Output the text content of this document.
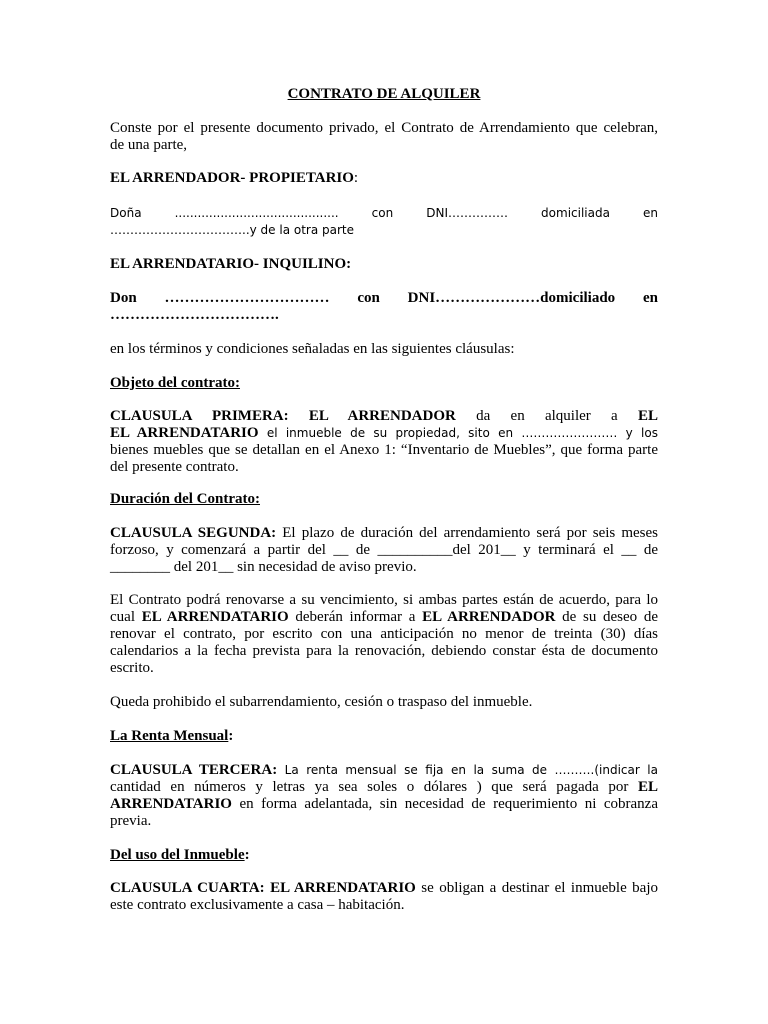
CONTRATO DE ALQUILER
Conste por el presente documento privado, el Contrato de Arrendamiento que celebran,
de una parte,
EL ARRENDADOR- PROPIETARIO:
Doña ........................................... con DNI…………… domiciliada en
……………………………..y de la otra parte
EL ARRENDATARIO- INQUILINO:
Don …………………………… con DNI…………………domiciliado en
…………………………….
en los términos y condiciones señaladas en las siguientes cláusulas:
Objeto del contrato:
CLAUSULA PRIMERA: EL ARRENDADOR da en alquiler a EL
EL ARRENDATARIO el inmueble de su propiedad, sito en …………………… y los
bienes muebles que se detallan en el Anexo 1: “Inventario de Muebles”, que forma parte
del presente contrato.
Duración del Contrato:
CLAUSULA SEGUNDA: El plazo de duración del arrendamiento será por seis meses
forzoso, y comenzará a partir del __ de __________del 201__ y terminará el __ de
________ del 201__ sin necesidad de aviso previo.
El Contrato podrá renovarse a su vencimiento, si ambas partes están de acuerdo, para lo
cual EL ARRENDATARIO deberán informar a EL ARRENDADOR de su deseo de
renovar el contrato, por escrito con una anticipación no menor de treinta (30) días
calendarios a la fecha prevista para la renovación, debiendo constar ésta de documento
escrito.
Queda prohibido el subarrendamiento, cesión o traspaso del inmueble.
La Renta Mensual:
CLAUSULA TERCERA: La renta mensual se fija en la suma de ……….(indicar la
cantidad en números y letras ya sea soles o dólares ) que será pagada por EL
ARRENDATARIO en forma adelantada, sin necesidad de requerimiento ni cobranza
previa.
Del uso del Inmueble:
CLAUSULA CUARTA: EL ARRENDATARIO se obligan a destinar el inmueble bajo
este contrato exclusivamente a casa – habitación.
